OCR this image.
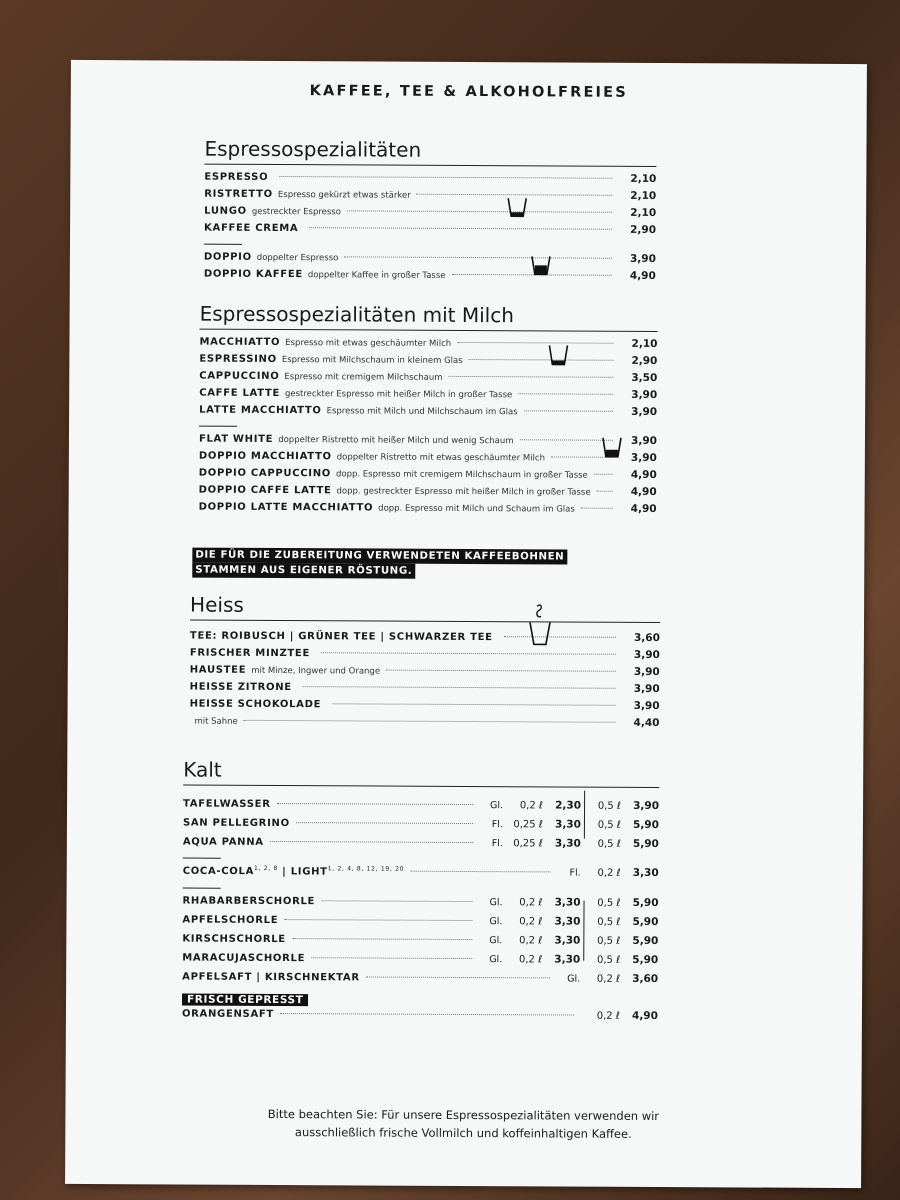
KAFFEE, TEE & ALKOHOLFREIES
Espressospezialitäten
ESPRESSO	2,10
RISTRETTO Espresso gekürzt etwas stärker	2,10
LUNGO gestreckter Espresso	2,10
KAFFEE CREMA	2,90
DOPPIO doppelter Espresso	3,90
DOPPIO KAFFEE doppelter Kaffee in großer Tasse	4,90
Espressospezialitäten mit Milch
MACCHIATTO Espresso mit etwas geschäumter Milch	2,10
ESPRESSINO Espresso mit Milchschaum in kleinem Glas	2,90
CAPPUCCINO Espresso mit cremigem Milchschaum	3,50
CAFFE LATTE gestreckter Espresso mit heißer Milch in großer Tasse	3,90
LATTE MACCHIATTO Espresso mit Milch und Milchschaum im Glas	3,90
FLAT WHITE doppelter Ristretto mit heißer Milch und wenig Schaum	3,90
DOPPIO MACCHIATTO doppelter Ristretto mit etwas geschäumter Milch	3,90
DOPPIO CAPPUCCINO dopp. Espresso mit cremigem Milchschaum in großer Tasse	4,90
DOPPIO CAFFE LATTE dopp. gestreckter Espresso mit heißer Milch in großer Tasse	4,90
DOPPIO LATTE MACCHIATTO dopp. Espresso mit Milch und Schaum im Glas	4,90
DIE FÜR DIE ZUBEREITUNG VERWENDETEN KAFFEEBOHNEN
STAMMEN AUS EIGENER RÖSTUNG.
Heiss
TEE: ROIBUSCH | GRÜNER TEE | SCHWARZER TEE	3,60
FRISCHER MINZTEE	3,90
HAUSTEE mit Minze, Ingwer und Orange	3,90
HEISSE ZITRONE	3,90
HEISSE SCHOKOLADE	3,90
mit Sahne	4,40
Kalt
TAFELWASSER	Gl.	0,2 ℓ	2,30	0,5 ℓ	3,90
SAN PELLEGRINO	Fl.	0,25 ℓ	3,30	0,5 ℓ	5,90
AQUA PANNA	Fl.	0,25 ℓ	3,30	0,5 ℓ	5,90
COCA-COLA$^{1, 2, 8}$ | LIGHT$^{1, 2, 4, 8, 12, 19, 20}$	Fl.	0,2 ℓ	3,30
RHABARBERSCHORLE	Gl.	0,2 ℓ	3,30	0,5 ℓ	5,90
APFELSCHORLE	Gl.	0,2 ℓ	3,30	0,5 ℓ	5,90
KIRSCHSCHORLE	Gl.	0,2 ℓ	3,30	0,5 ℓ	5,90
MARACUJASCHORLE	Gl.	0,2 ℓ	3,30	0,5 ℓ	5,90
APFELSAFT | KIRSCHNEKTAR	Gl.	0,2 ℓ	3,60
FRISCH GEPRESST
ORANGENSAFT	0,2 ℓ	4,90
Bitte beachten Sie: Für unsere Espressospezialitäten verwenden wir
ausschließlich frische Vollmilch und koffeinhaltigen Kaffee.
